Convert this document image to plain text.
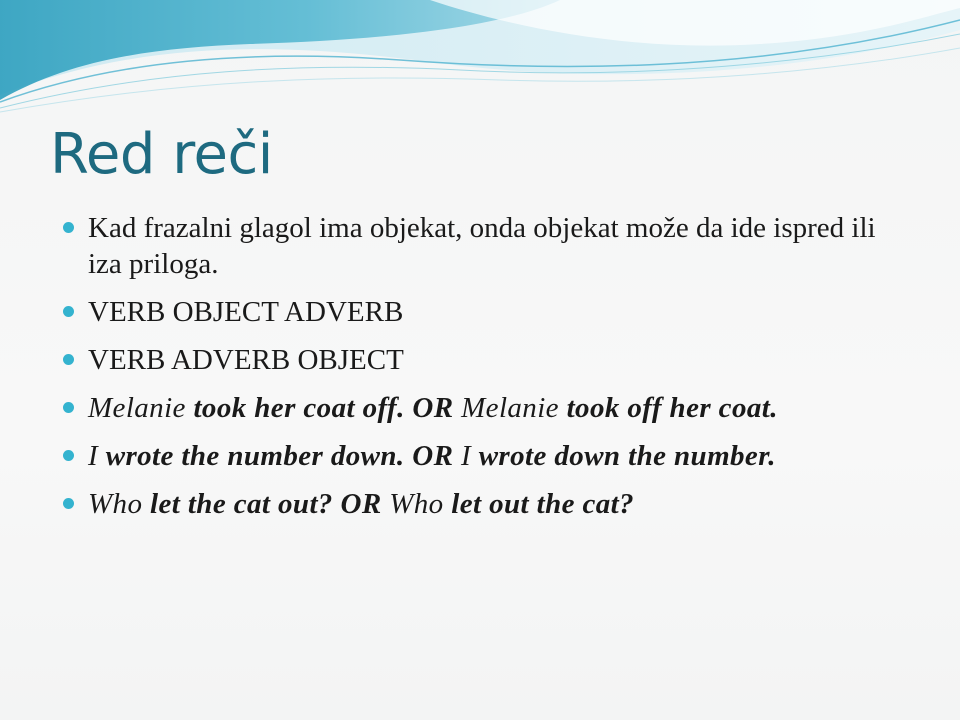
Red reči
Kad frazalni glagol ima objekat, onda objekat može da ide ispred ili iza priloga.
VERB OBJECT ADVERB
VERB ADVERB OBJECT
Melanie took her coat off. OR Melanie took off her coat.
I wrote the number down. OR I wrote down the number.
Who let the cat out? OR Who let out the cat?
